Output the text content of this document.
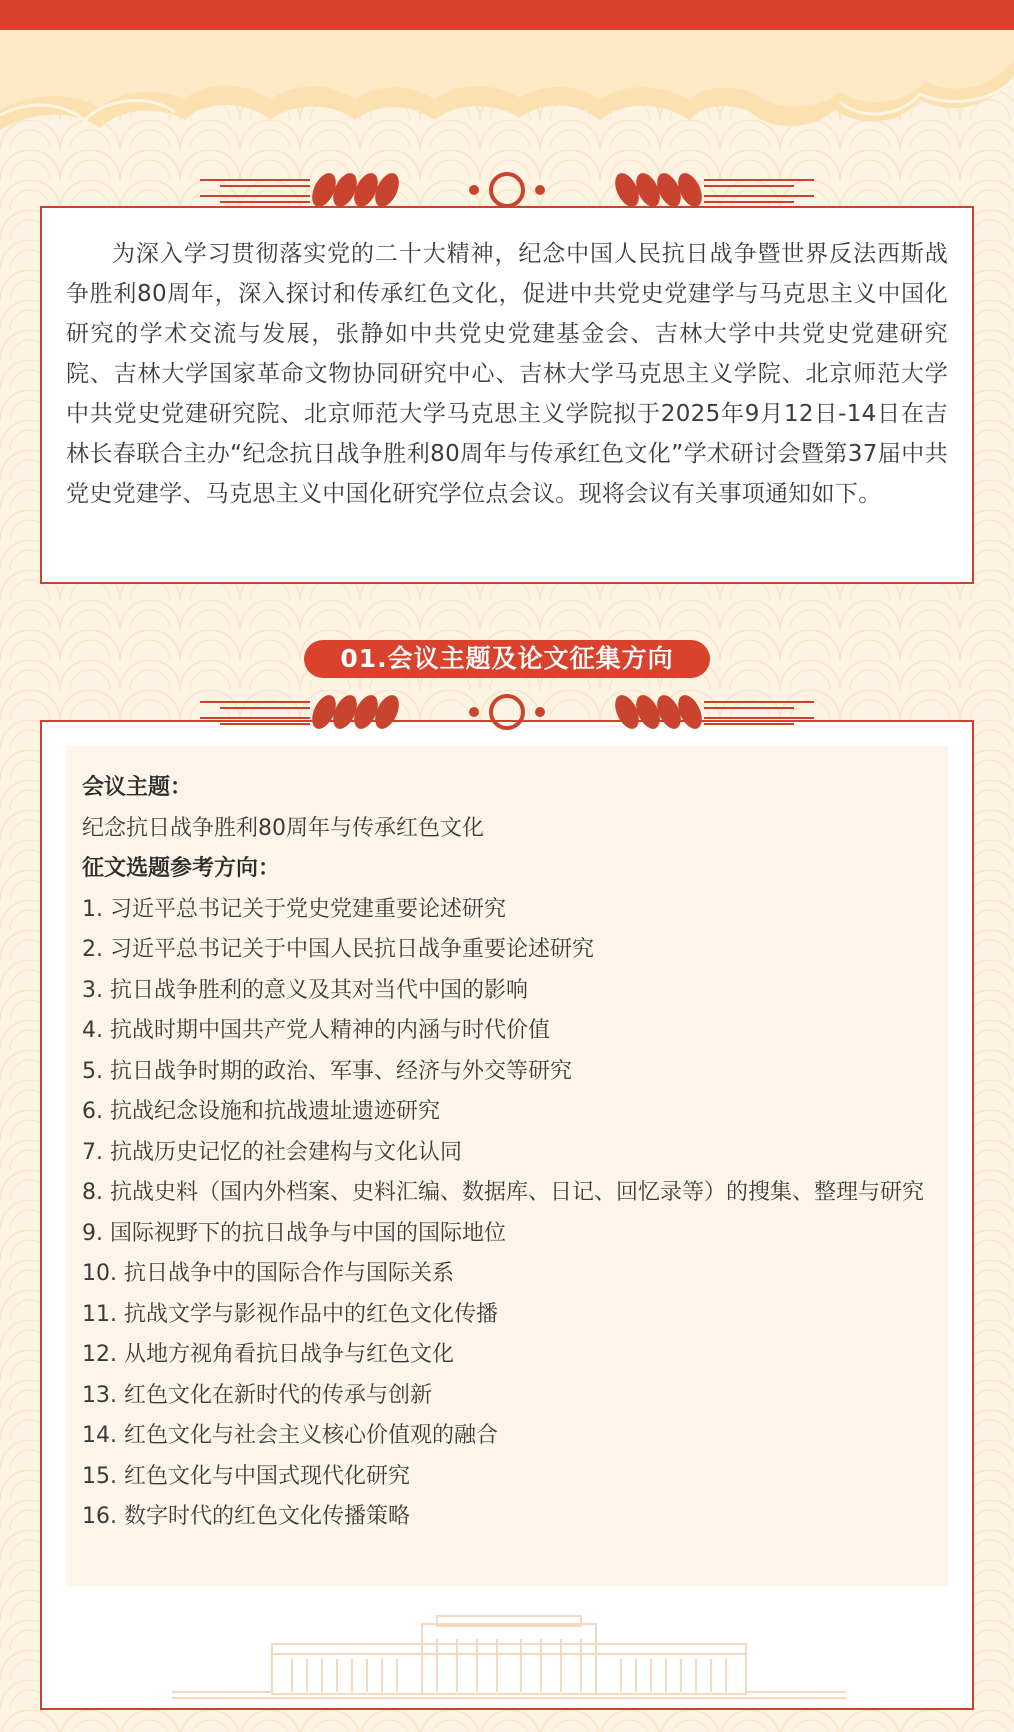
为深入学习贯彻落实党的二十大精神，纪念中国人民抗日战争暨世界反法西斯战争胜利80周年，深入探讨和传承红色文化，促进中共党史党建学与马克思主义中国化研究的学术交流与发展，张静如中共党史党建基金会、吉林大学中共党史党建研究院、吉林大学国家革命文物协同研究中心、吉林大学马克思主义学院、北京师范大学中共党史党建研究院、北京师范大学马克思主义学院拟于2025年9月12日-14日在吉林长春联合主办“纪念抗日战争胜利80周年与传承红色文化”学术研讨会暨第37届中共党史党建学、马克思主义中国化研究学位点会议。现将会议有关事项通知如下。

01.会议主题及论文征集方向
会议主题：
纪念抗日战争胜利80周年与传承红色文化
征文选题参考方向：
1. 习近平总书记关于党史党建重要论述研究
2. 习近平总书记关于中国人民抗日战争重要论述研究
3. 抗日战争胜利的意义及其对当代中国的影响
4. 抗战时期中国共产党人精神的内涵与时代价值
5. 抗日战争时期的政治、军事、经济与外交等研究
6. 抗战纪念设施和抗战遗址遗迹研究
7. 抗战历史记忆的社会建构与文化认同
8. 抗战史料（国内外档案、史料汇编、数据库、日记、回忆录等）的搜集、整理与研究
9. 国际视野下的抗日战争与中国的国际地位
10. 抗日战争中的国际合作与国际关系
11. 抗战文学与影视作品中的红色文化传播
12. 从地方视角看抗日战争与红色文化
13. 红色文化在新时代的传承与创新
14. 红色文化与社会主义核心价值观的融合
15. 红色文化与中国式现代化研究
16. 数字时代的红色文化传播策略
